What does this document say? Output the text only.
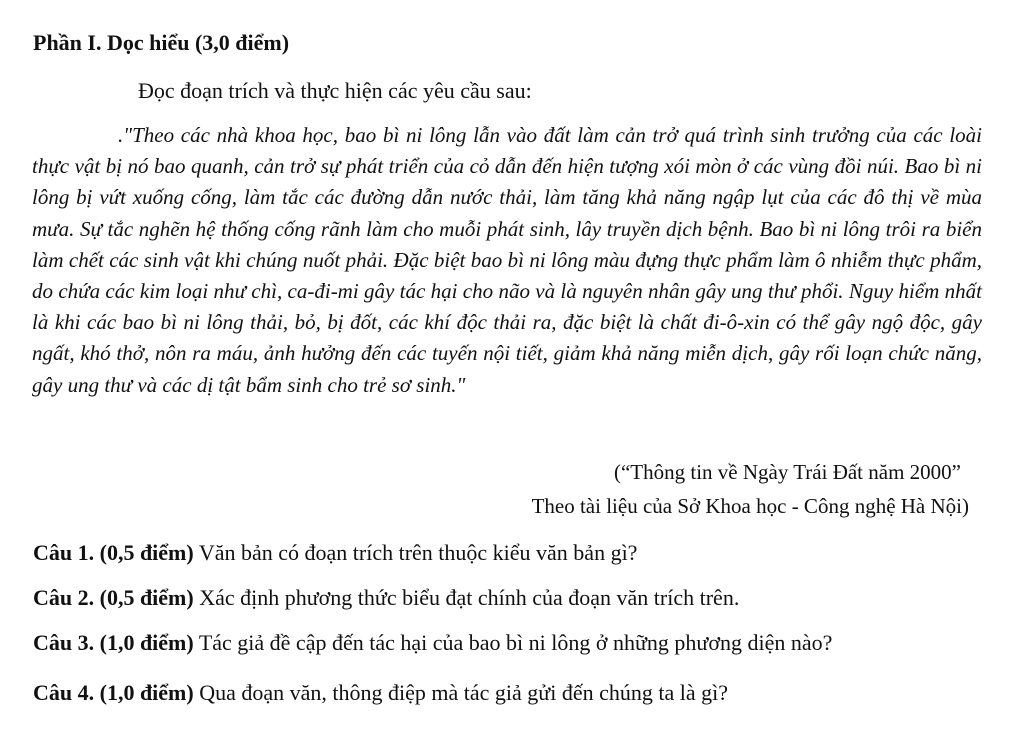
Phần I. Dọc hiểu (3,0 điểm)
Đọc đoạn trích và thực hiện các yêu cầu sau:

."Theo các nhà khoa học, bao bì ni lông lẫn vào đất làm cản trở quá trình sinh trưởng của các loài thực vật bị nó bao quanh, cản trở sự phát triển của cỏ dẫn đến hiện tượng xói mòn ở các vùng đồi núi. Bao bì ni lông bị vứt xuống cống, làm tắc các đường dẫn nước thải, làm tăng khả năng ngập lụt của các đô thị về mùa mưa. Sự tắc nghẽn hệ thống cống rãnh làm cho muỗi phát sinh, lây truyền dịch bệnh. Bao bì ni lông trôi ra biển làm chết các sinh vật khi chúng nuốt phải. Đặc biệt bao bì ni lông màu đựng thực phẩm làm ô nhiễm thực phẩm, do chứa các kim loại như chì, ca-đi-mi gây tác hại cho não và là nguyên nhân gây ung thư phổi. Nguy hiểm nhất là khi các bao bì ni lông thải, bỏ, bị đốt, các khí độc thải ra, đặc biệt là chất đi-ô-xin có thể gây ngộ độc, gây ngất, khó thở, nôn ra máu, ảnh hưởng đến các tuyến nội tiết, giảm khả năng miễn dịch, gây rối loạn chức năng, gây ung thư và các dị tật bẩm sinh cho trẻ sơ sinh."

(“Thông tin về Ngày Trái Đất năm 2000”
Theo tài liệu của Sở Khoa học - Công nghệ Hà Nội)
Câu 1. (0,5 điểm) Văn bản có đoạn trích trên thuộc kiểu văn bản gì?
Câu 2. (0,5 điểm) Xác định phương thức biểu đạt chính của đoạn văn trích trên.
Câu 3. (1,0 điểm) Tác giả đề cập đến tác hại của bao bì ni lông ở những phương diện nào?
Câu 4. (1,0 điểm) Qua đoạn văn, thông điệp mà tác giả gửi đến chúng ta là gì?
